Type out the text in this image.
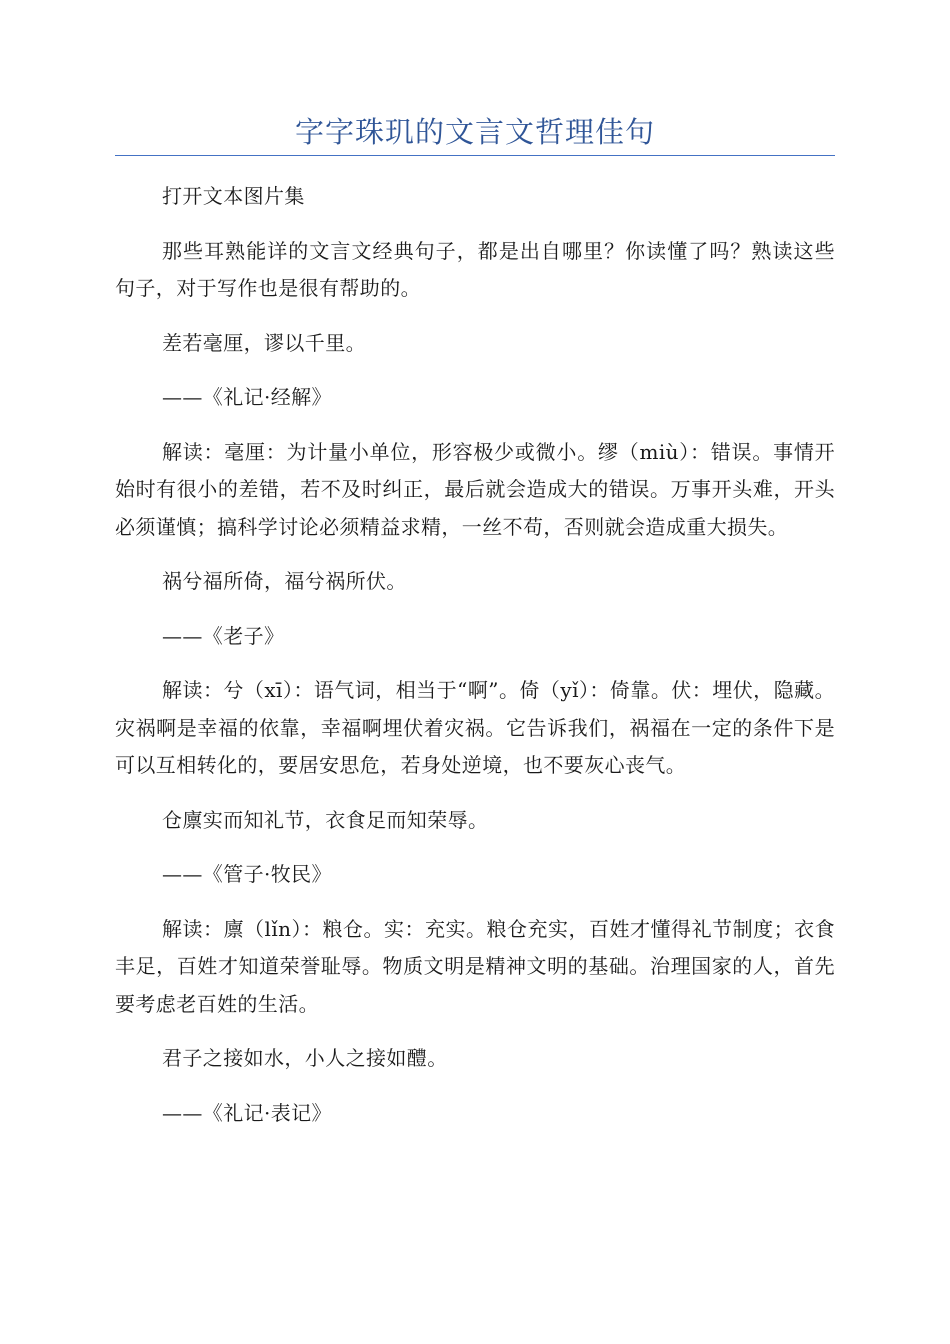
字字珠玑的文言文哲理佳句

打开文本图片集

那些耳熟能详的文言文经典句子，都是出自哪里？你读懂了吗？熟读这些句子，对于写作也是很有帮助的。

差若毫厘，谬以千里。

——《礼记·经解》

解读：毫厘：为计量小单位，形容极少或微小。缪（miù）：错误。事情开始时有很小的差错，若不及时纠正，最后就会造成大的错误。万事开头难，开头必须谨慎；搞科学讨论必须精益求精，一丝不苟，否则就会造成重大损失。

祸兮福所倚，福兮祸所伏。

——《老子》

解读：兮（xī）：语气词，相当于“啊”。倚（yǐ）：倚靠。伏：埋伏，隐藏。灾祸啊是幸福的依靠，幸福啊埋伏着灾祸。它告诉我们，祸福在一定的条件下是可以互相转化的，要居安思危，若身处逆境，也不要灰心丧气。

仓廪实而知礼节，衣食足而知荣辱。

——《管子·牧民》

解读：廪（lǐn）：粮仓。实：充实。粮仓充实，百姓才懂得礼节制度；衣食丰足，百姓才知道荣誉耻辱。物质文明是精神文明的基础。治理国家的人，首先要考虑老百姓的生活。

君子之接如水，小人之接如醴。

——《礼记·表记》
